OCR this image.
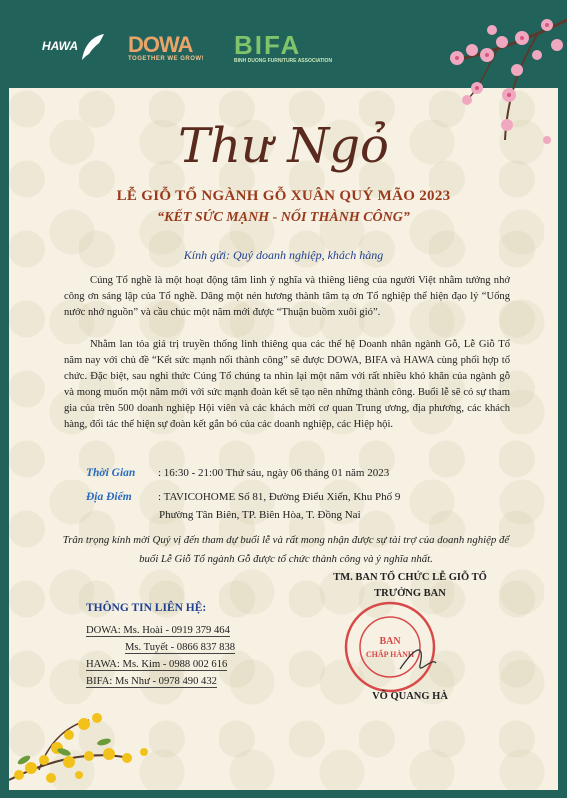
HAWA DOWA
TOGETHER WE GROW! BIFA
BINH DUONG FURNITURE ASSOCIATION
Thư Ngỏ
LỄ GIỖ TỔ NGÀNH GỖ XUÂN QUÝ MÃO 2023
“KẾT SỨC MẠNH - NỐI THÀNH CÔNG”
Kính gửi: Quý doanh nghiệp, khách hàng
Cúng Tổ nghề là một hoạt động tâm linh ý nghĩa và thiêng liêng của người Việt nhằm tưởng nhớ công ơn sáng lập của Tổ nghề. Dâng một nén hương thành tâm tạ ơn Tổ nghiệp thể hiện đạo lý “Uống nước nhớ nguồn” và cầu chúc một năm mới được “Thuận buồm xuôi gió”.
Nhằm lan tỏa giá trị truyền thống linh thiêng qua các thế hệ Doanh nhân ngành Gỗ, Lễ Giỗ Tổ năm nay với chủ đề “Kết sức mạnh nối thành công” sẽ được DOWA, BIFA và HAWA cùng phối hợp tổ chức. Đặc biệt, sau nghi thức Cúng Tổ chúng ta nhìn lại một năm với rất nhiều khó khăn của ngành gỗ và mong muốn một năm mới với sức mạnh đoàn kết sẽ tạo nên những thành công. Buổi lễ sẽ có sự tham gia của trên 500 doanh nghiệp Hội viên và các khách mời cơ quan Trung ương, địa phương, các khách hàng, đối tác thể hiện sự đoàn kết gắn bó của các doanh nghiệp, các Hiệp hội.
Thời Gian : 16:30 - 21:00 Thứ sáu, ngày 06 tháng 01 năm 2023
Địa Điểm : TAVICOHOME Số 81, Đường Điểu Xiển, Khu Phố 9
Phường Tân Biên, TP. Biên Hòa, T. Đồng Nai
Trân trọng kính mời Quý vị đến tham dự buổi lễ và rất mong nhận được sự tài trợ của doanh nghiệp để buổi Lễ Giỗ Tổ ngành Gỗ được tổ chức thành công và ý nghĩa nhất.
TM. BAN TỔ CHỨC LỄ GIỖ TỔ
TRƯỞNG BAN
BAN
CHẤP HÀNH
VÕ QUANG HÀ
THÔNG TIN LIÊN HỆ:
DOWA: Ms. Hoài - 0919 379 464
Ms. Tuyết - 0866 837 838
HAWA: Ms. Kim - 0988 002 616
BIFA: Ms Như - 0978 490 432
